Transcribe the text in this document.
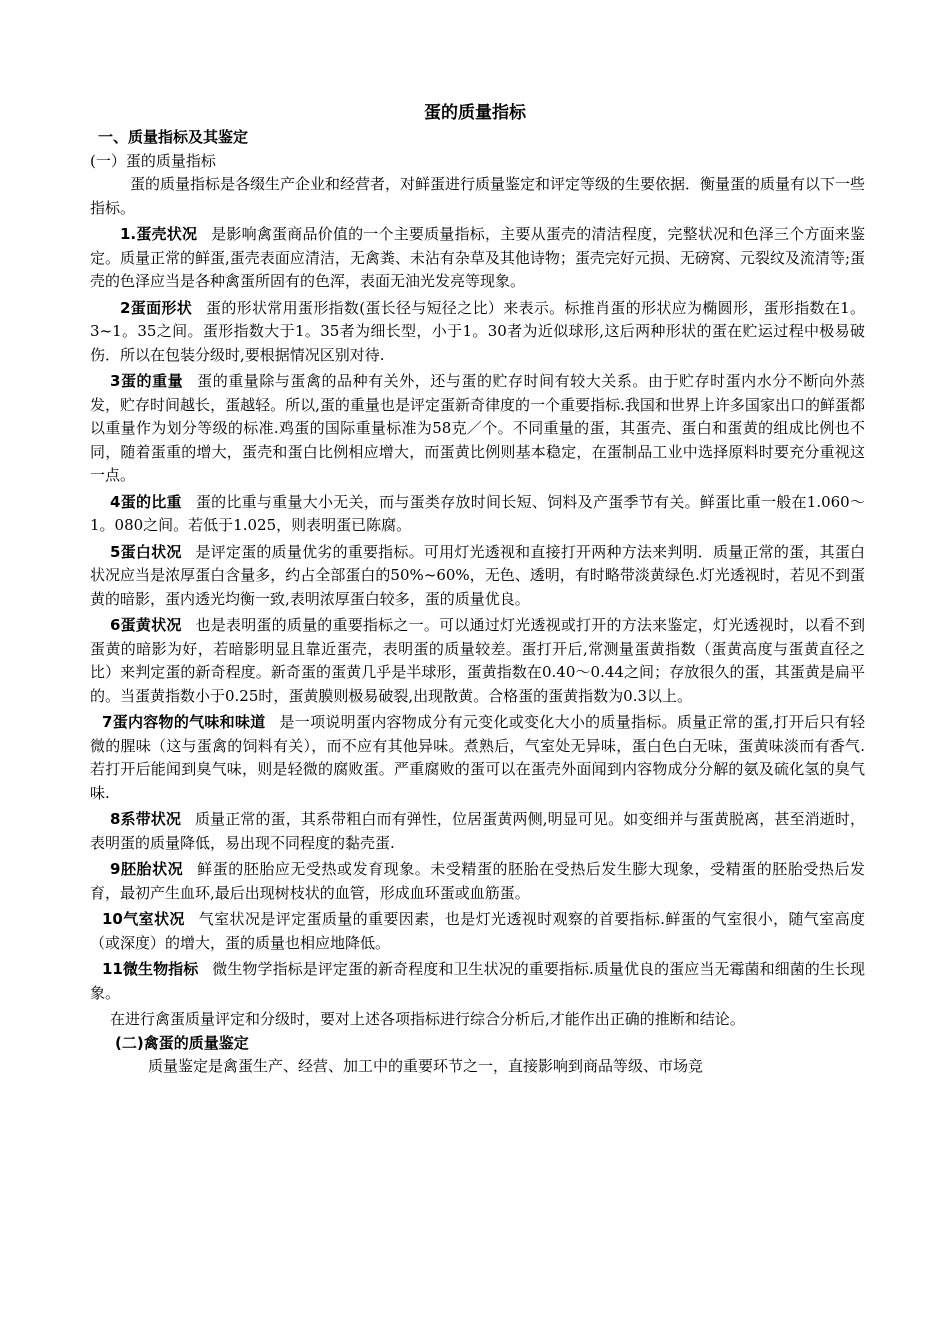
蛋的质量指标

一、质量指标及其鉴定

(一）蛋的质量指标

蛋的质量指标是各缀生产企业和经营者，对鲜蛋进行质量鉴定和评定等级的生要依据．衡量蛋的质量有以下一些指标。

1.蛋壳状况 是影响禽蛋商品价值的一个主要质量指标，主要从蛋壳的清洁程度，完整状况和色泽三个方面来鉴定。质量正常的鲜蛋,蛋壳表面应清洁，无禽粪、未沾有杂草及其他诗物；蛋壳完好元损、无磅窝、元裂纹及流清等;蛋壳的色泽应当是各种禽蛋所固有的色浑，表面无油光发亮等现象。

2蛋面形状 蛋的形状常用蛋形指数(蛋长径与短径之比）来表示。标推肖蛋的形状应为椭圆形，蛋形指数在1。3~1。35之间。蛋形指数大于1。35者为细长型，小于1。30者为近似球形,这后两种形状的蛋在贮运过程中极易破伤．所以在包装分级时,要根据情况区别对待.

3蛋的重量 蛋的重量除与蛋禽的品种有关外，还与蛋的贮存时间有较大关系。由于贮存时蛋内水分不断向外蒸发，贮存时间越长，蛋越轻。所以,蛋的重量也是评定蛋新奇律度的一个重要指标.我国和世界上许多国家出口的鲜蛋都以重量作为划分等级的标准.鸡蛋的国际重量标准为58克／个。不同重量的蛋，其蛋壳、蛋白和蛋黄的组成比例也不同，随着蛋重的增大，蛋壳和蛋白比例相应增大，而蛋黄比例则基本稳定，在蛋制品工业中选择原料时要充分重视这一点。

4蛋的比重 蛋的比重与重量大小无关，而与蛋类存放时间长短、饲料及产蛋季节有关。鲜蛋比重一般在1.060～1。080之间。若低于1.025，则表明蛋已陈腐。

5蛋白状况 是评定蛋的质量优劣的重要指标。可用灯光透视和直接打开两种方法来判明．质量正常的蛋，其蛋白状况应当是浓厚蛋白含量多，约占全部蛋白的50%~60%，无色、透明，有时略带淡黄绿色.灯光透视时，若见不到蛋黄的暗影，蛋内透光均衡一致,表明浓厚蛋白较多，蛋的质量优良。

6蛋黄状况 也是表明蛋的质量的重要指标之一。可以通过灯光透视或打开的方法来鉴定，灯光透视时，以看不到蛋黄的暗影为好，若暗影明显且靠近蛋壳，表明蛋的质量较差。蛋打开后,常测量蛋黄指数（蛋黄高度与蛋黄直径之比）来判定蛋的新奇程度。新奇蛋的蛋黄几乎是半球形，蛋黄指数在0.40～0.44之间；存放很久的蛋，其蛋黄是扁平的。当蛋黄指数小于0.25时，蛋黄膜则极易破裂,出现散黄。合格蛋的蛋黄指数为0.3以上。

7蛋内容物的气味和味道 是一项说明蛋内容物成分有元变化或变化大小的质量指标。质量正常的蛋,打开后只有轻微的腥味（这与蛋禽的饲料有关），而不应有其他异味。煮熟后，气室处无异味，蛋白色白无味，蛋黄味淡而有香气.若打开后能闻到臭气味，则是轻微的腐败蛋。严重腐败的蛋可以在蛋壳外面闻到内容物成分分解的氨及硫化氢的臭气味.

8系带状况 质量正常的蛋，其系带粗白而有弹性，位居蛋黄两侧,明显可见。如变细并与蛋黄脱离，甚至消逝时，表明蛋的质量降低，易出现不同程度的黏壳蛋.

9胚胎状况 鲜蛋的胚胎应无受热或发育现象。未受精蛋的胚胎在受热后发生膨大现象，受精蛋的胚胎受热后发育，最初产生血环,最后出现树枝状的血管，形成血环蛋或血筋蛋。

10气室状况 气室状况是评定蛋质量的重要因素，也是灯光透视时观察的首要指标.鲜蛋的气室很小，随气室高度（或深度）的增大，蛋的质量也相应地降低。

11微生物指标 微生物学指标是评定蛋的新奇程度和卫生状况的重要指标.质量优良的蛋应当无霉菌和细菌的生长现象。

在进行禽蛋质量评定和分级时，要对上述各项指标进行综合分析后,才能作出正确的推断和结论。

(二)禽蛋的质量鉴定

质量鉴定是禽蛋生产、经营、加工中的重要环节之一，直接影响到商品等级、市场竞
